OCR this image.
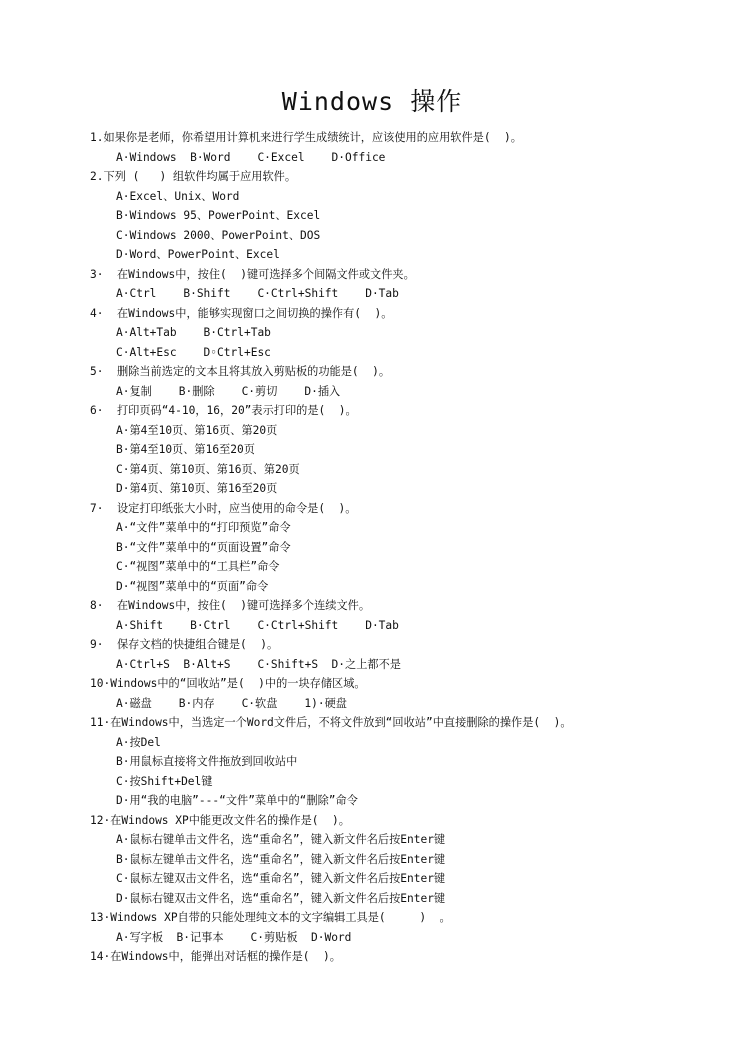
Windows 操作
1.如果你是老师，你希望用计算机来进行学生成绩统计，应该使用的应用软件是(  )。
A·Windows  B·Word    C·Excel    D·Office
2.下列 (   ) 组软件均属于应用软件。
A·Excel、Unix、Word
B·Windows 95、PowerPoint、Excel
C·Windows 2000、PowerPoint、DOS
D·Word、PowerPoint、Excel
3·  在Windows中，按住(  )键可选择多个间隔文件或文件夹。
A·Ctrl    B·Shift    C·Ctrl+Shift    D·Tab
4·  在Windows中，能够实现窗口之间切换的操作有(  )。
A·Alt+Tab    B·Ctrl+Tab
C·Alt+Esc    D◦Ctrl+Esc
5·  删除当前选定的文本且将其放入剪贴板的功能是(  )。
A·复制    B·删除    C·剪切    D·插入
6·  打印页码“4-10，16，20”表示打印的是(  )。
A·第4至10页、第16页、第20页
B·第4至10页、第16至20页
C·第4页、第10页、第16页、第20页
D·第4页、第10页、第16至20页
7·  设定打印纸张大小时，应当使用的命令是(  )。
A·“文件”菜单中的“打印预览”命令
B·“文件”菜单中的“页面设置”命令
C·“视图”菜单中的“工具栏”命令
D·“视图”菜单中的“页面”命令
8·  在Windows中，按住(  )键可选择多个连续文件。
A·Shift    B·Ctrl    C·Ctrl+Shift    D·Tab
9·  保存文档的快捷组合键是(  )。
A·Ctrl+S  B·Alt+S    C·Shift+S  D·之上都不是
10·Windows中的“回收站”是(  )中的一块存储区域。
A·磁盘    B·内存    C·软盘    1)·硬盘
11·在Windows中，当选定一个Word文件后，不将文件放到“回收站”中直接删除的操作是(  )。
A·按Del
B·用鼠标直接将文件拖放到回收站中
C·按Shift+Del键
D·用“我的电脑”---“文件”菜单中的“删除”命令
12·在Windows XP中能更改文件名的操作是(  )。
A·鼠标右键单击文件名，选“重命名”，键入新文件名后按Enter键
B·鼠标左键单击文件名，选“重命名”，键入新文件名后按Enter键
C·鼠标左键双击文件名，选“重命名”，键入新文件名后按Enter键
D·鼠标右键双击文件名，选“重命名”，键入新文件名后按Enter键
13·Windows XP自带的只能处理纯文本的文字编辑工具是(     )  。
A·写字板  B·记事本    C·剪贴板  D·Word
14·在Windows中，能弹出对话框的操作是(  )。
